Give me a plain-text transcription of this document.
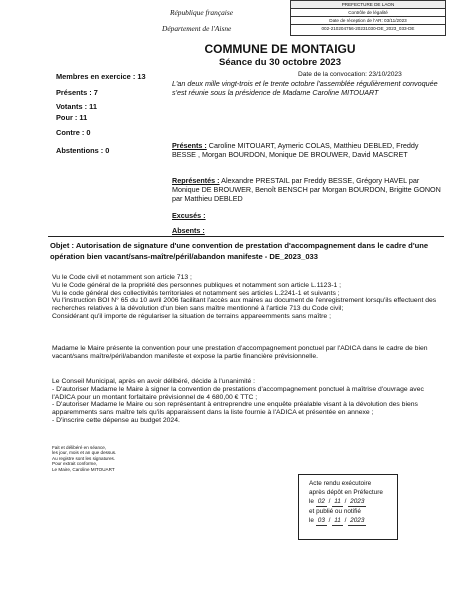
République française
Département de l'Aisne
PREFECTURE DE LAON
Contrôle de légalité
Date de réception de l'AR: 03/11/2023
002-210204756-20231030-DE_2023_033-DE
COMMUNE DE MONTAIGU
Séance du 30 octobre 2023
Membres en exercice : 13
Présents : 7
Votants : 11
Pour : 11
Contre : 0
Abstentions : 0
Date de la convocation: 23/10/2023
L'an deux mille vingt-trois et le trente octobre l'assemblée régulièrement convoquée s'est réunie sous la présidence de Madame Caroline MITOUART
Présents : Caroline MITOUART, Aymeric COLAS, Matthieu DEBLED, Freddy BESSE , Morgan BOURDON, Monique DE BROUWER, David MASCRET
Représentés : Alexandre PRESTAIL par Freddy BESSE, Grégory HAVEL par Monique DE BROUWER, Benoît BENSCH par Morgan BOURDON, Brigitte GONON par Matthieu DEBLED
Excusés :
Objet : Autorisation de signature d'une convention de prestation d'accompagnement dans le cadre d'une opération bien vacant/sans-maître/péril/abandon manifeste - DE_2023_033
Vu le Code civil et notamment son article 713 ;
Vu le Code général de la propriété des personnes publiques et notamment son article L.1123-1 ;
Vu le code général des collectivités territoriales et notamment ses articles L.2241-1 et suivants ;
Vu l'instruction BOI N° 65 du 10 avril 2006 facilitant l'accès aux maires au document de l'enregistrement lorsqu'ils effectuent des recherches relatives à la dévolution d'un bien sans maître mentionné à l'article 713 du Code civil;
Considérant qu'il importe de régulariser la situation de terrains appareemments sans maître ;
Madame le Maire présente la convention pour une prestation d'accompagnement ponctuel par l'ADICA dans le cadre de bien vacant/sans maître/péril/abandon manifeste et expose la partie financière prévisionnelle.
Le Conseil Municipal, après en avoir délibéré, décide à l'unanimité :
- D'autoriser Madame le Maire à signer la convention de prestations d'accompagnement ponctuel à maîtrise d'ouvrage avec l'ADICA pour un montant forfaitaire prévisionnel de 4 680,00 € TTC ;
- D'autoriser Madame le Maire ou son représentant à entreprendre une enquête préalable visant à la dévolution des biens apparemments sans maître tels qu'ils apparaissent dans la liste fournie à l'ADICA et présentée en annexe ;
- D'inscrire cette dépense au budget 2024.
Fait et délibéré en séance,
les jour, mois et an que dessus.
Au registre sont les signatures.
Pour extrait conforme,
Le Maire, Caroline MITOUART
Acte rendu exécutoire
après dépôt en Préfecture
le 02 / 11 / 2023
et publié ou notifié
le 03 / 11 / 2023
Absents :
